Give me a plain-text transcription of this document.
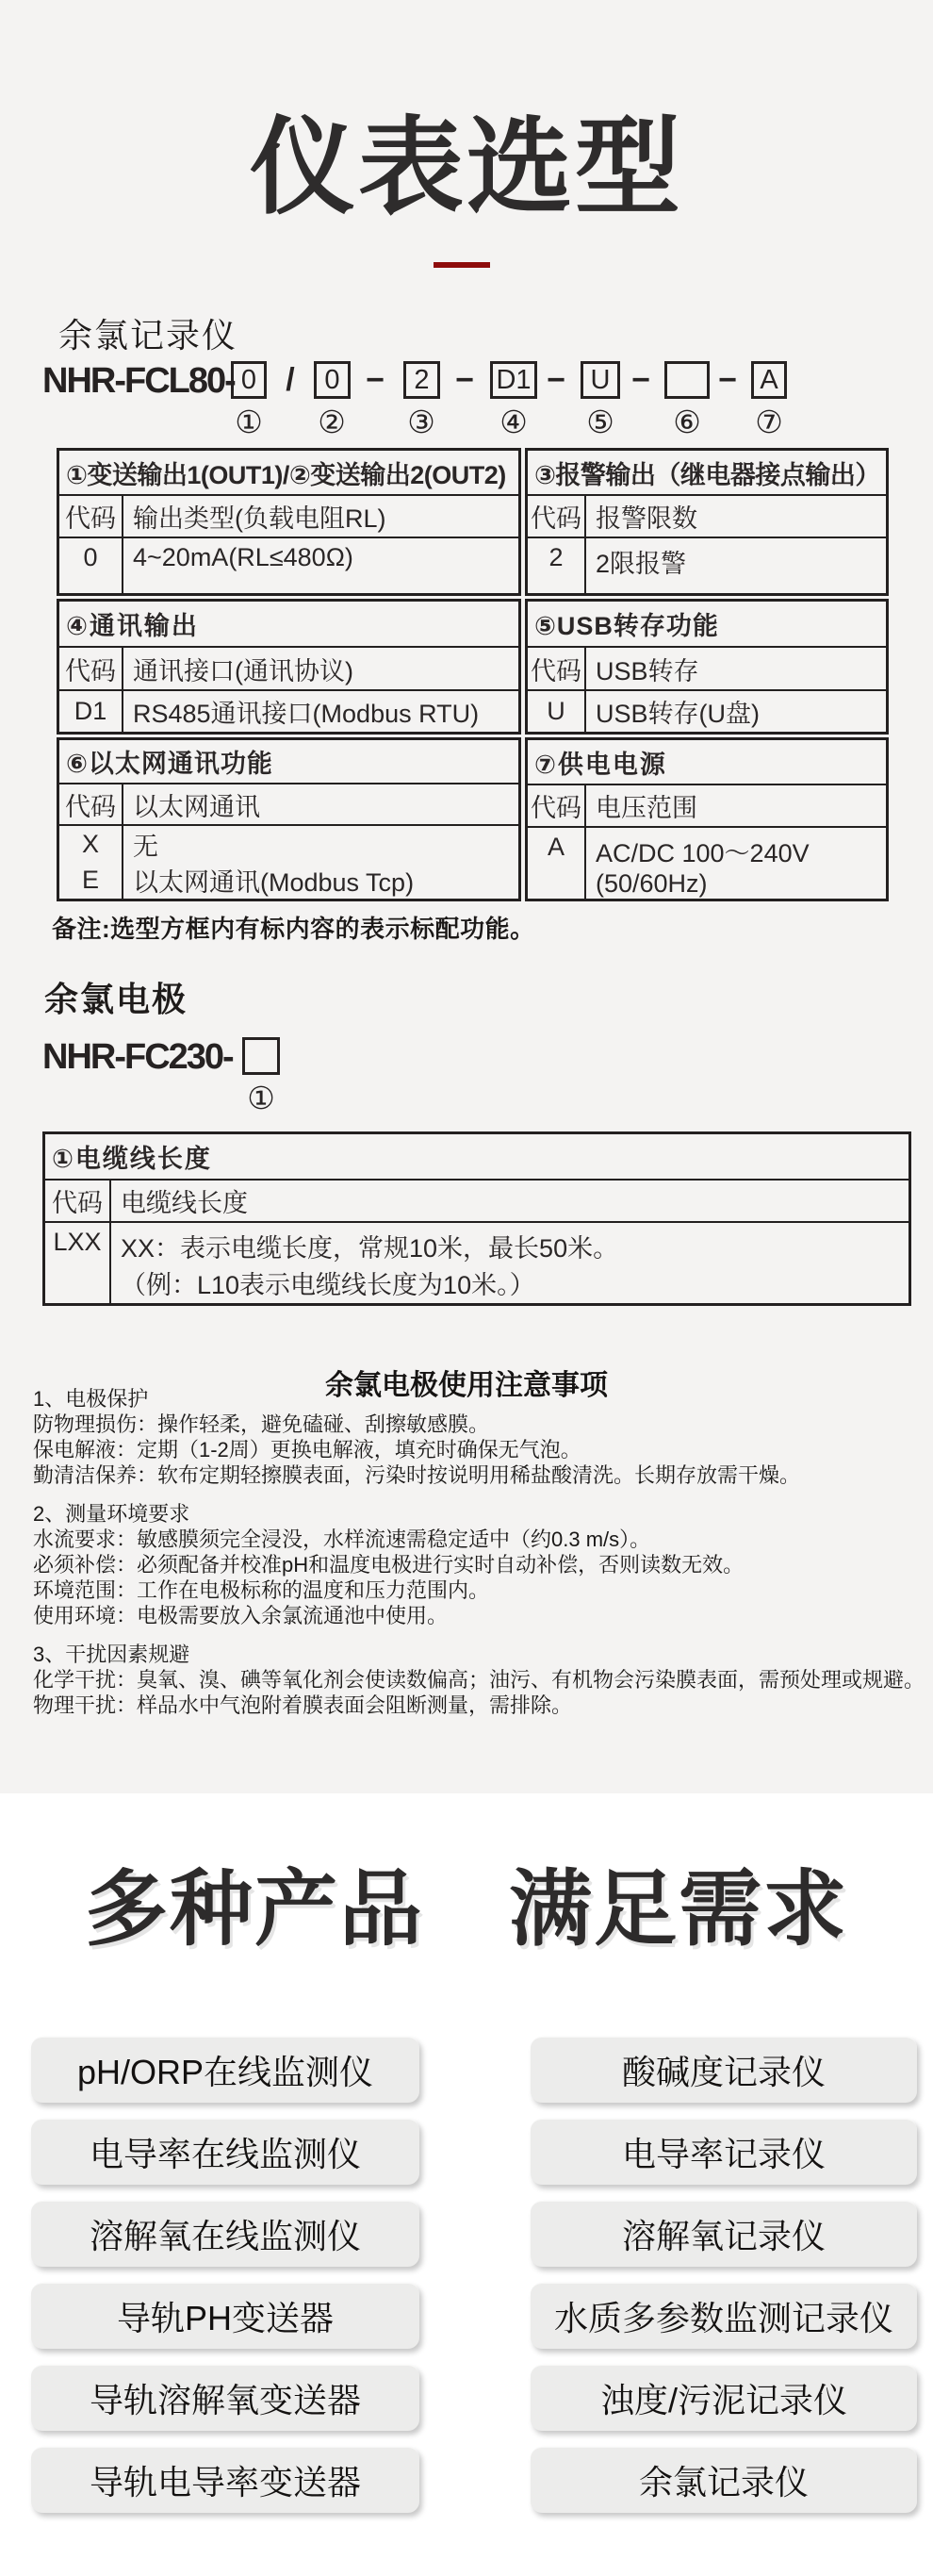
仪表选型
余氯记录仪
NHR-FCL80- 0 /	0 −	2 − D1 − U − − A
① ② ③ ④ ⑤ ⑥ ⑦
①变送输出1(OUT1)/②变送输出2(OUT2)
代码 输出类型(负载电阻RL)
0	4~20mA(RL≤480Ω)
③报警输出（继电器接点输出）
代码 报警限数
2	2限报警
④通讯输出
代码 通讯接口(通讯协议)
D1	RS485通讯接口(Modbus RTU)
⑤USB转存功能
代码 USB转存
U	USB转存(U盘)
⑥以太网通讯功能
代码 以太网通讯
X	无
E	以太网通讯(Modbus Tcp)
⑦供电电源
代码 电压范围
A	AC/DC 100～240V
(50/60Hz)
备注:选型方框内有标内容的表示标配功能。
余氯电极
NHR-FC230-
①
①电缆线长度
代码 电缆线长度
LXX XX：表示电缆长度，常规10米，最长50米。
（例：L10表示电缆线长度为10米。）
余氯电极使用注意事项
1、电极保护
防物理损伤：操作轻柔，避免磕碰、刮擦敏感膜。
保电解液：定期（1-2周）更换电解液，填充时确保无气泡。
勤清洁保养：软布定期轻擦膜表面，污染时按说明用稀盐酸清洗。长期存放需干燥。
2、测量环境要求
水流要求：敏感膜须完全浸没，水样流速需稳定适中（约0.3 m/s）。
必须补偿：必须配备并校准pH和温度电极进行实时自动补偿，否则读数无效。
环境范围：工作在电极标称的温度和压力范围内。
使用环境：电极需要放入余氯流通池中使用。
3、干扰因素规避
化学干扰：臭氧、溴、碘等氧化剂会使读数偏高；油污、有机物会污染膜表面，需预处理或规避。
物理干扰：样品水中气泡附着膜表面会阻断测量，需排除。
多种产品 满足需求
pH/ORP在线监测仪	酸碱度记录仪
电导率在线监测仪	电导率记录仪
溶解氧在线监测仪	溶解氧记录仪
导轨PH变送器	水质多参数监测记录仪
导轨溶解氧变送器	浊度/污泥记录仪
导轨电导率变送器	余氯记录仪
